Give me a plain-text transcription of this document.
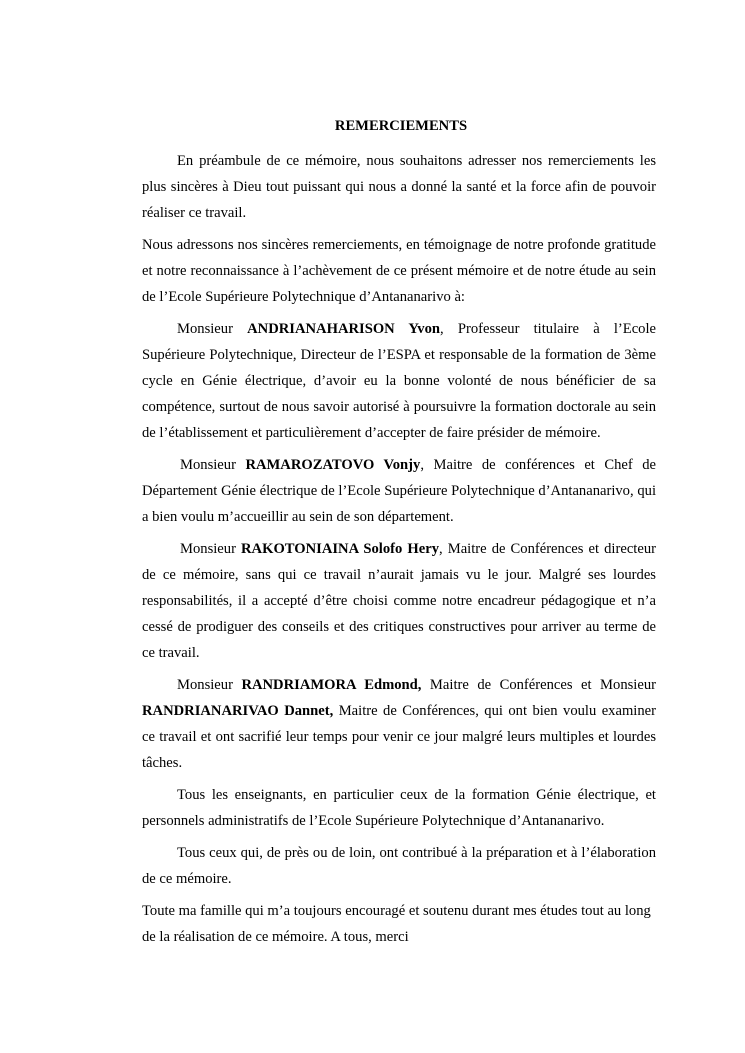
REMERCIEMENTS

En préambule de ce mémoire, nous souhaitons adresser nos remerciements les plus sincères à Dieu tout puissant qui nous a donné la santé et la force afin de pouvoir réaliser ce travail.

Nous adressons nos sincères remerciements, en témoignage de notre profonde gratitude et notre reconnaissance à l’achèvement de ce présent mémoire et de notre étude au sein de l’Ecole Supérieure Polytechnique d’Antananarivo à:

Monsieur ANDRIANAHARISON Yvon, Professeur titulaire à l’Ecole Supérieure Polytechnique, Directeur de l’ESPA et responsable de la formation de 3ème cycle en Génie électrique, d’avoir eu la bonne volonté de nous bénéficier de sa compétence, surtout de nous savoir autorisé à poursuivre la formation doctorale au sein de l’établissement et particulièrement d’accepter de faire présider de mémoire.

Monsieur RAMAROZATOVO Vonjy, Maitre de conférences et Chef de Département Génie électrique de l’Ecole Supérieure Polytechnique d’Antananarivo, qui a bien voulu m’accueillir au sein de son département.

Monsieur RAKOTONIAINA Solofo Hery, Maitre de Conférences et directeur de ce mémoire, sans qui ce travail n’aurait jamais vu le jour. Malgré ses lourdes responsabilités, il a accepté d’être choisi comme notre encadreur pédagogique et n’a cessé de prodiguer des conseils et des critiques constructives pour arriver au terme de ce travail.

Monsieur RANDRIAMORA Edmond, Maitre de Conférences et Monsieur RANDRIANARIVAO Dannet, Maitre de Conférences, qui ont bien voulu examiner ce travail et ont sacrifié leur temps pour venir ce jour malgré leurs multiples et lourdes tâches.

Tous les enseignants, en particulier ceux de la formation Génie électrique, et personnels administratifs de l’Ecole Supérieure Polytechnique d’Antananarivo.

Tous ceux qui, de près ou de loin, ont contribué à la préparation et à l’élaboration de ce mémoire.

Toute ma famille qui m’a toujours encouragé et soutenu durant mes études tout au long de la réalisation de ce mémoire. A tous, merci
